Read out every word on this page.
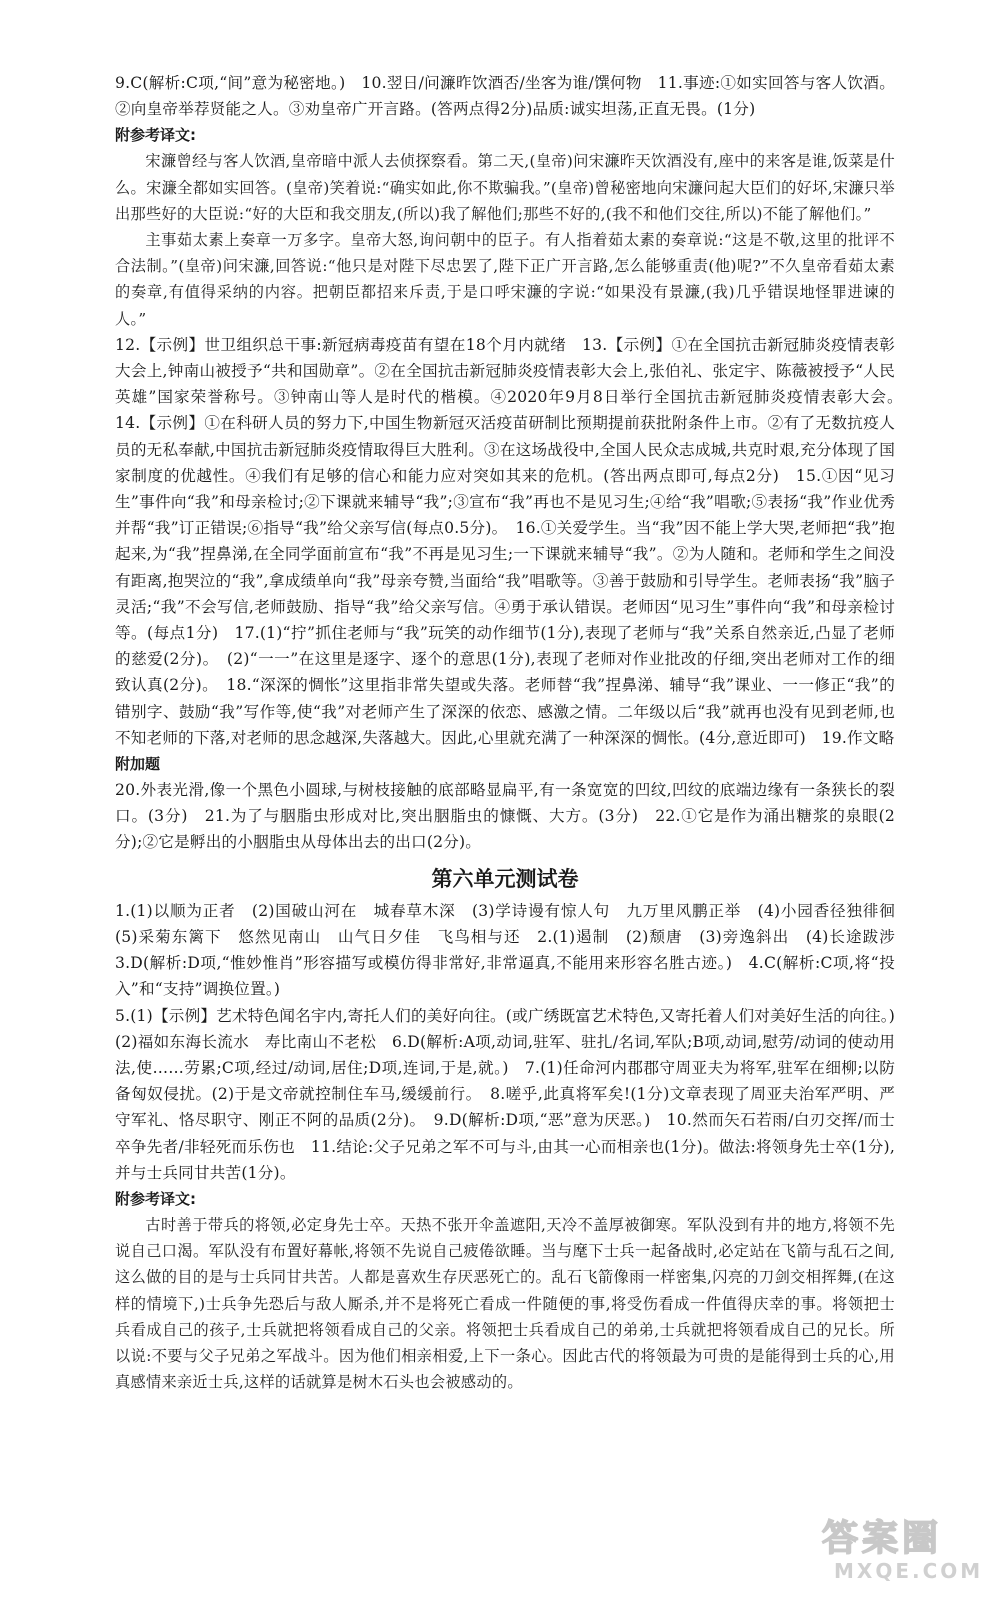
9.C(解析:C项,“间”意为秘密地。)　10.翌日/问濂昨饮酒否/坐客为谁/馔何物　11.事迹:①如实回答与客人饮酒。②向皇帝举荐贤能之人。③劝皇帝广开言路。(答两点得2分)品质:诚实坦荡,正直无畏。(1分)

附参考译文:

宋濂曾经与客人饮酒,皇帝暗中派人去侦探察看。第二天,(皇帝)问宋濂昨天饮酒没有,座中的来客是谁,饭菜是什么。宋濂全都如实回答。(皇帝)笑着说:“确实如此,你不欺骗我。”(皇帝)曾秘密地向宋濂问起大臣们的好坏,宋濂只举出那些好的大臣说:“好的大臣和我交朋友,(所以)我了解他们;那些不好的,(我不和他们交往,所以)不能了解他们。”

主事茹太素上奏章一万多字。皇帝大怒,询问朝中的臣子。有人指着茹太素的奏章说:“这是不敬,这里的批评不合法制。”(皇帝)问宋濂,回答说:“他只是对陛下尽忠罢了,陛下正广开言路,怎么能够重责(他)呢?”不久皇帝看茹太素的奏章,有值得采纳的内容。把朝臣都招来斥责,于是口呼宋濂的字说:“如果没有景濂,(我)几乎错误地怪罪进谏的人。”

12.【示例】世卫组织总干事:新冠病毒疫苗有望在18个月内就绪　13.【示例】①在全国抗击新冠肺炎疫情表彰大会上,钟南山被授予“共和国勋章”。②在全国抗击新冠肺炎疫情表彰大会上,张伯礼、张定宇、陈薇被授予“人民英雄”国家荣誉称号。③钟南山等人是时代的楷模。④2020年9月8日举行全国抗击新冠肺炎疫情表彰大会。　14.【示例】①在科研人员的努力下,中国生物新冠灭活疫苗研制比预期提前获批附条件上市。②有了无数抗疫人员的无私奉献,中国抗击新冠肺炎疫情取得巨大胜利。③在这场战役中,全国人民众志成城,共克时艰,充分体现了国家制度的优越性。④我们有足够的信心和能力应对突如其来的危机。(答出两点即可,每点2分)　15.①因“见习生”事件向“我”和母亲检讨;②下课就来辅导“我”;③宣布“我”再也不是见习生;④给“我”唱歌;⑤表扬“我”作业优秀并帮“我”订正错误;⑥指导“我”给父亲写信(每点0.5分)。　16.①关爱学生。当“我”因不能上学大哭,老师把“我”抱起来,为“我”捏鼻涕,在全同学面前宣布“我”不再是见习生;一下课就来辅导“我”。②为人随和。老师和学生之间没有距离,抱哭泣的“我”,拿成绩单向“我”母亲夸赞,当面给“我”唱歌等。③善于鼓励和引导学生。老师表扬“我”脑子灵活;“我”不会写信,老师鼓励、指导“我”给父亲写信。④勇于承认错误。老师因“见习生”事件向“我”和母亲检讨等。(每点1分)　17.(1)“拧”抓住老师与“我”玩笑的动作细节(1分),表现了老师与“我”关系自然亲近,凸显了老师的慈爱(2分)。　(2)“一一”在这里是逐字、逐个的意思(1分),表现了老师对作业批改的仔细,突出老师对工作的细致认真(2分)。　18.“深深的惆怅”这里指非常失望或失落。老师替“我”捏鼻涕、辅导“我”课业、一一修正“我”的错别字、鼓励“我”写作等,使“我”对老师产生了深深的依恋、感激之情。二年级以后“我”就再也没有见到老师,也不知老师的下落,对老师的思念越深,失落越大。因此,心里就充满了一种深深的惆怅。(4分,意近即可)　19.作文略

附加题

20.外表光滑,像一个黑色小圆球,与树枝接触的底部略显扁平,有一条宽宽的凹纹,凹纹的底端边缘有一条狭长的裂口。(3分)　21.为了与胭脂虫形成对比,突出胭脂虫的慷慨、大方。(3分)　22.①它是作为涌出糖浆的泉眼(2分);②它是孵出的小胭脂虫从母体出去的出口(2分)。

第六单元测试卷

1.(1)以顺为正者　(2)国破山河在　城春草木深　(3)学诗谩有惊人句　九万里风鹏正举　(4)小园香径独徘徊　(5)采菊东篱下　悠然见南山　山气日夕佳　飞鸟相与还　2.(1)遏制　(2)颓唐　(3)旁逸斜出　(4)长途跋涉　3.D(解析:D项,“惟妙惟肖”形容描写或模仿得非常好,非常逼真,不能用来形容名胜古迹。)　4.C(解析:C项,将“投入”和“支持”调换位置。)

5.(1)【示例】艺术特色闻名宇内,寄托人们的美好向往。(或广绣既富艺术特色,又寄托着人们对美好生活的向往。)　(2)福如东海长流水　寿比南山不老松　6.D(解析:A项,动词,驻军、驻扎/名词,军队;B项,动词,慰劳/动词的使动用法,使……劳累;C项,经过/动词,居住;D项,连词,于是,就。)　7.(1)任命河内郡郡守周亚夫为将军,驻军在细柳;以防备匈奴侵扰。(2)于是文帝就控制住车马,缓缓前行。　8.嗟乎,此真将军矣!(1分)文章表现了周亚夫治军严明、严守军礼、恪尽职守、刚正不阿的品质(2分)。　9.D(解析:D项,“恶”意为厌恶。)　10.然而矢石若雨/白刃交挥/而士卒争先者/非轻死而乐伤也　11.结论:父子兄弟之军不可与斗,由其一心而相亲也(1分)。做法:将领身先士卒(1分),并与士兵同甘共苦(1分)。

附参考译文:

古时善于带兵的将领,必定身先士卒。天热不张开伞盖遮阳,天冷不盖厚被御寒。军队没到有井的地方,将领不先说自己口渴。军队没有布置好幕帐,将领不先说自己疲倦欲睡。当与麾下士兵一起备战时,必定站在飞箭与乱石之间,这么做的目的是与士兵同甘共苦。人都是喜欢生存厌恶死亡的。乱石飞箭像雨一样密集,闪亮的刀剑交相挥舞,(在这样的情境下,)士兵争先恐后与敌人厮杀,并不是将死亡看成一件随便的事,将受伤看成一件值得庆幸的事。将领把士兵看成自己的孩子,士兵就把将领看成自己的父亲。将领把士兵看成自己的弟弟,士兵就把将领看成自己的兄长。所以说:不要与父子兄弟之军战斗。因为他们相亲相爱,上下一条心。因此古代的将领最为可贵的是能得到士兵的心,用真感情来亲近士兵,这样的话就算是树木石头也会被感动的。

答案圈
MXQE.COM
